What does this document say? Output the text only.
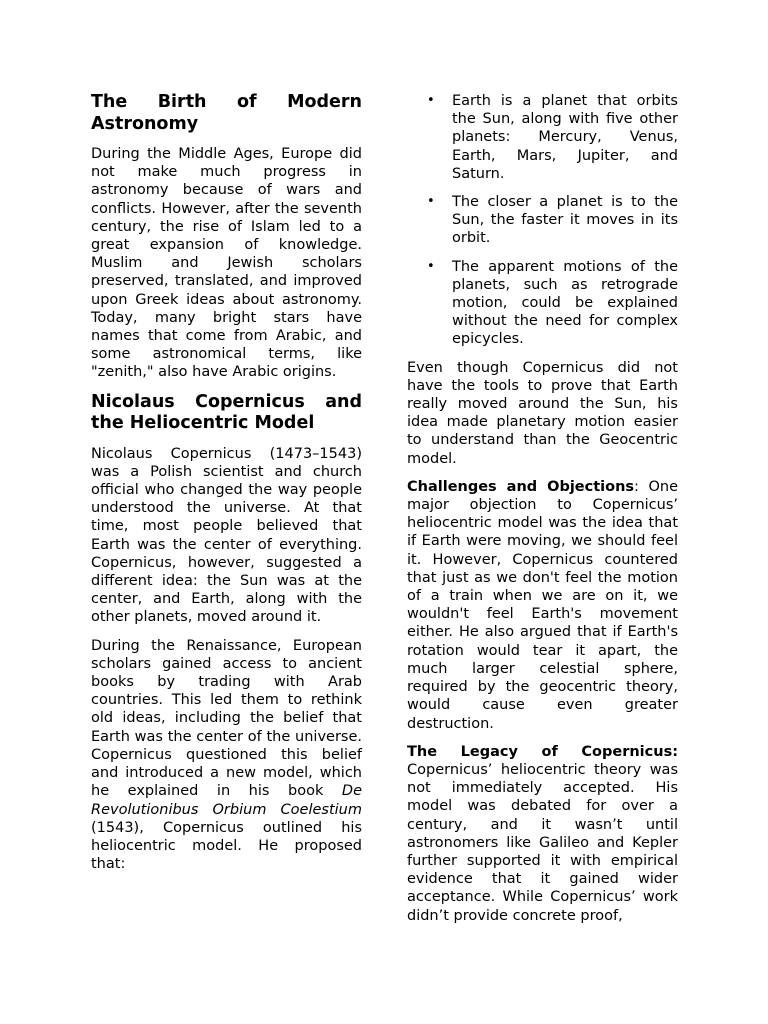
The Birth of Modern Astronomy

During the Middle Ages, Europe did not make much progress in astronomy because of wars and conflicts. However, after the seventh century, the rise of Islam led to a great expansion of knowledge. Muslim and Jewish scholars preserved, translated, and improved upon Greek ideas about astronomy. Today, many bright stars have names that come from Arabic, and some astronomical terms, like "zenith," also have Arabic origins.

Nicolaus Copernicus and the Heliocentric Model

Nicolaus Copernicus (1473–1543) was a Polish scientist and church official who changed the way people understood the universe. At that time, most people believed that Earth was the center of everything. Copernicus, however, suggested a different idea: the Sun was at the center, and Earth, along with the other planets, moved around it.

During the Renaissance, European scholars gained access to ancient books by trading with Arab countries. This led them to rethink old ideas, including the belief that Earth was the center of the universe. Copernicus questioned this belief and introduced a new model, which he explained in his book De Revolutionibus Orbium Coelestium (1543), Copernicus outlined his heliocentric model. He proposed that:

• Earth is a planet that orbits the Sun, along with five other planets: Mercury, Venus, Earth, Mars, Jupiter, and Saturn.
• The closer a planet is to the Sun, the faster it moves in its orbit.
• The apparent motions of the planets, such as retrograde motion, could be explained without the need for complex epicycles.

Even though Copernicus did not have the tools to prove that Earth really moved around the Sun, his idea made planetary motion easier to understand than the Geocentric model.

Challenges and Objections: One major objection to Copernicus’ heliocentric model was the idea that if Earth were moving, we should feel it. However, Copernicus countered that just as we don't feel the motion of a train when we are on it, we wouldn't feel Earth's movement either. He also argued that if Earth's rotation would tear it apart, the much larger celestial sphere, required by the geocentric theory, would cause even greater destruction.

The Legacy of Copernicus: Copernicus’ heliocentric theory was not immediately accepted. His model was debated for over a century, and it wasn’t until astronomers like Galileo and Kepler further supported it with empirical evidence that it gained wider acceptance. While Copernicus’ work didn’t provide concrete proof,
